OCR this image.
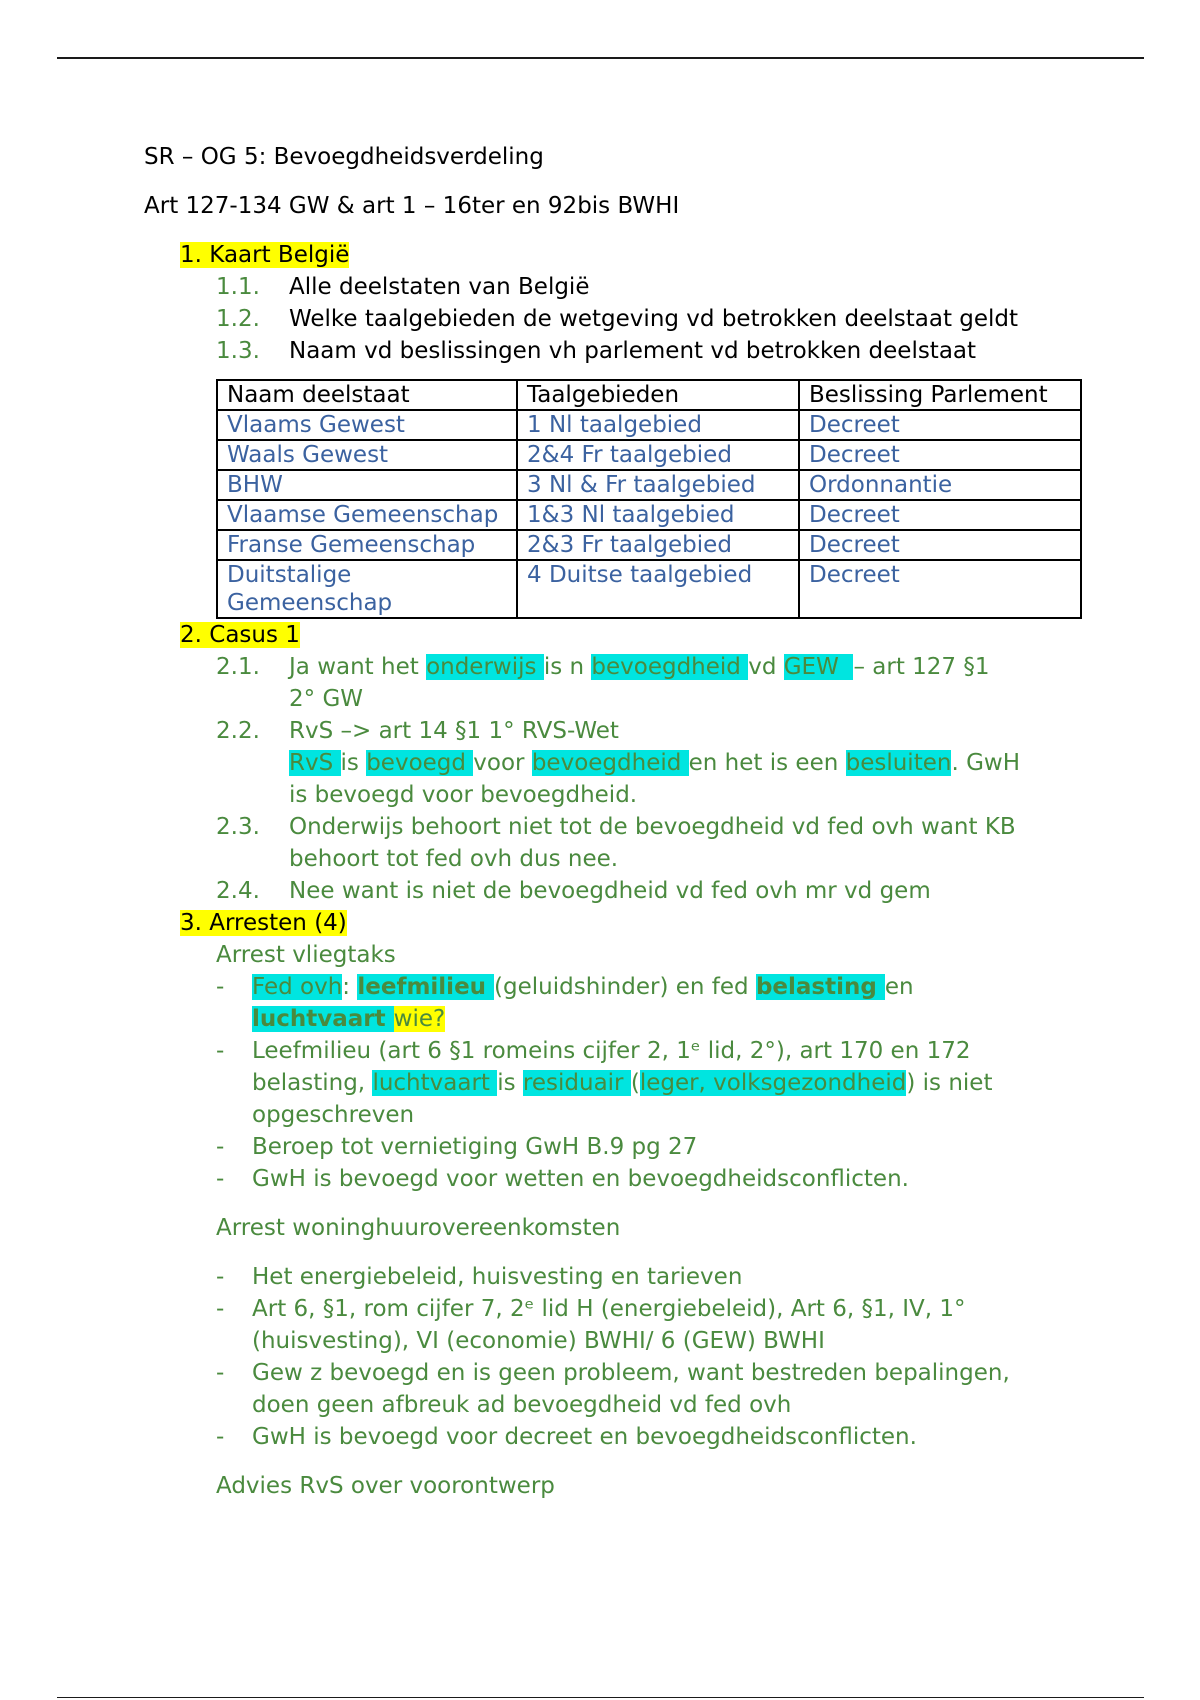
SR – OG 5: Bevoegdheidsverdeling
Art 127-134 GW & art 1 – 16ter en 92bis BWHI
1. Kaart België
1.1. Alle deelstaten van België
1.2. Welke taalgebieden de wetgeving vd betrokken deelstaat geldt
1.3. Naam vd beslissingen vh parlement vd betrokken deelstaat
Naam deelstaat	Taalgebieden	Beslissing Parlement
Vlaams Gewest	1 Nl taalgebied	Decreet
Waals Gewest	2&4 Fr taalgebied	Decreet
BHW	3 Nl & Fr taalgebied	Ordonnantie
Vlaamse Gemeenschap	1&3 Nl taalgebied	Decreet
Franse Gemeenschap	2&3 Fr taalgebied	Decreet
Duitstalige Gemeenschap	4 Duitse taalgebied	Decreet
2. Casus 1
2.1. Ja want het onderwijs is n bevoegdheid vd GEW  – art 127 §1
2° GW
2.2. RvS –> art 14 §1 1° RVS-Wet
RvS is bevoegd voor bevoegdheid en het is een besluiten. GwH
is bevoegd voor bevoegdheid.
2.3. Onderwijs behoort niet tot de bevoegdheid vd fed ovh want KB
behoort tot fed ovh dus nee.
2.4. Nee want is niet de bevoegdheid vd fed ovh mr vd gem
3. Arresten (4)
Arrest vliegtaks
- Fed ovh: leefmilieu (geluidshinder) en fed belasting en
luchtvaart wie?
- Leefmilieu (art 6 §1 romeins cijfer 2, 1ᵉ lid, 2°), art 170 en 172
belasting, luchtvaart is residuair (leger, volksgezondheid) is niet
opgeschreven
- Beroep tot vernietiging GwH B.9 pg 27
- GwH is bevoegd voor wetten en bevoegdheidsconflicten.
Arrest woninghuurovereenkomsten
- Het energiebeleid, huisvesting en tarieven
- Art 6, §1, rom cijfer 7, 2ᵉ lid H (energiebeleid), Art 6, §1, IV, 1°
(huisvesting), VI (economie) BWHI/ 6 (GEW) BWHI
- Gew z bevoegd en is geen probleem, want bestreden bepalingen,
doen geen afbreuk ad bevoegdheid vd fed ovh
- GwH is bevoegd voor decreet en bevoegdheidsconflicten.
Advies RvS over voorontwerp
